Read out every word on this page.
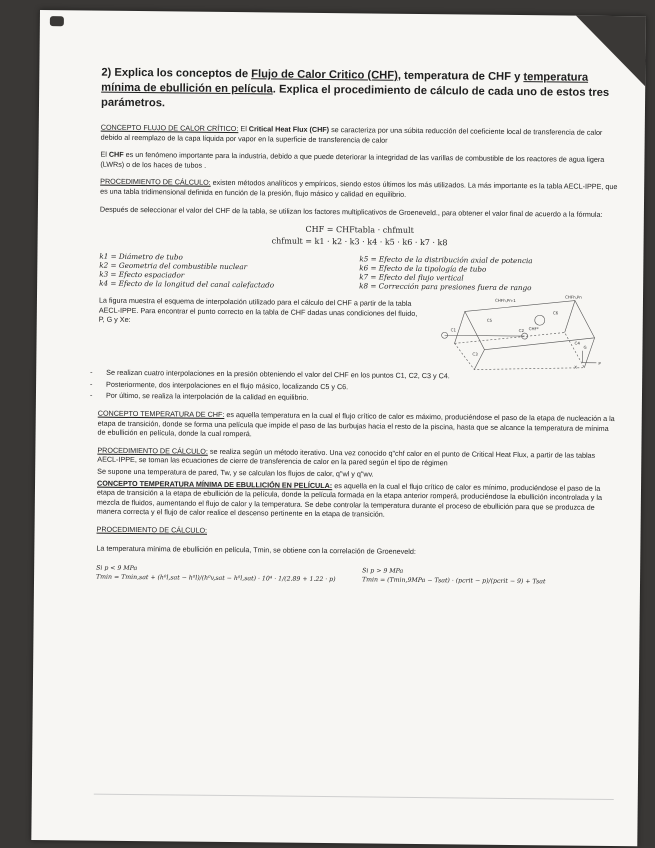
2) Explica los conceptos de Flujo de Calor Critico (CHF), temperatura de CHF y temperatura mínima de ebullición en película. Explica el procedimiento de cálculo de cada uno de estos tres parámetros.

CONCEPTO FLUJO DE CALOR CRÍTICO: El Critical Heat Flux (CHF) se caracteriza por una súbita reducción del coeficiente local de transferencia de calor debido al reemplazo de la capa líquida por vapor en la superficie de transferencia de calor

El CHF es un fenómeno importante para la industria, debido a que puede deteriorar la integridad de las varillas de combustible de los reactores de agua ligera (LWRs) o de los haces de tubos .

PROCEDIMIENTO DE CÁLCULO: existen métodos analíticos y empíricos, siendo estos últimos los más utilizados. La más importante es la tabla AECL-IPPE, que es una tabla tridimensional definida en función de la presión, flujo másico y calidad en equilibrio.

Después de seleccionar el valor del CHF de la tabla, se utilizan los factores multiplicativos de Groeneveld., para obtener el valor final de acuerdo a la fórmula:

CHF = CHFtabla · chfmult
chfmult = k1 · k2 · k3 · k4 · k5 · k6 · k7 · k8
k1 = Diámetro de tubo
k2 = Geometria del combustible nuclear
k3 = Efecto espaciador
k4 = Efecto de la longitud del canal calefactado
k5 = Efecto de la distribución axial de potencia
k6 = Efecto de la tipología de tubo
k7 = Efecto del flujo vertical
k8 = Corrección para presiones fuera de rango

La figura muestra el esquema de interpolación utilizado para el cálculo del CHF a partir de la tabla AECL-IPPE. Para encontrar el punto correcto en la tabla de CHF dadas unas condiciones del fluido, P, G y Xe:

CHFh,Pn-1
CHFh,Pn
CHF*
C1	C2
C3
C4
C5
C6
P
G
X
- Se realizan cuatro interpolaciones en la presión obteniendo el valor del CHF en los puntos C1, C2, C3 y C4.
- Posteriormente, dos interpolaciones en el flujo másico, localizando C5 y C6.
- Por último, se realiza la interpolación de la calidad en equilibrio.

CONCEPTO TEMPERATURA DE CHF: es aquella temperatura en la cual el flujo crítico de calor es máximo, produciéndose el paso de la etapa de nucleación a la etapa de transición, donde se forma una película que impide el paso de las burbujas hacia el resto de la piscina, hasta que se alcance la temperatura de mínima de ebullición en película, donde la cual romperá.

PROCEDIMIENTO DE CÁLCULO: se realiza según un método iterativo. Una vez conocido q"chf calor en el punto de Critical Heat Flux, a partir de las tablas AECL-IPPE, se toman las ecuaciones de cierre de transferencia de calor en la pared según el tipo de régimen

Se supone una temperatura de pared, Tw, y se calculan los flujos de calor, q"wl y q"wv.

CONCEPTO TEMPERATURA MÍNIMA DE EBULLICIÓN EN PELÍCULA: es aquella en la cual el flujo crítico de calor es mínimo, produciéndose el paso de la etapa de transición a la etapa de ebullición de la película, donde la película formada en la etapa anterior romperá, produciéndose la ebullición incontrolada y la mezcla de fluidos, aumentando el flujo de calor y la temperatura. Se debe controlar la temperatura durante el proceso de ebullición para que se produzca de manera correcta y el flujo de calor realice el descenso pertinente en la etapa de transición.

PROCEDIMIENTO DE CÁLCULO:

La temperatura mínima de ebullición en película, Tmin, se obtiene con la correlación de Groeneveld:

Si p < 9 MPa
Tmin = Tmin,sat + (h⁰l,sat − h⁰l)/(h⁰v,sat − h⁰l,sat) · 10⁴ · 1/(2.89 + 1.22 · p)
Si p > 9 MPa
Tmin = (Tmin,9MPa − Tsat) · (pcrit − p)/(pcrit − 9) + Tsat
